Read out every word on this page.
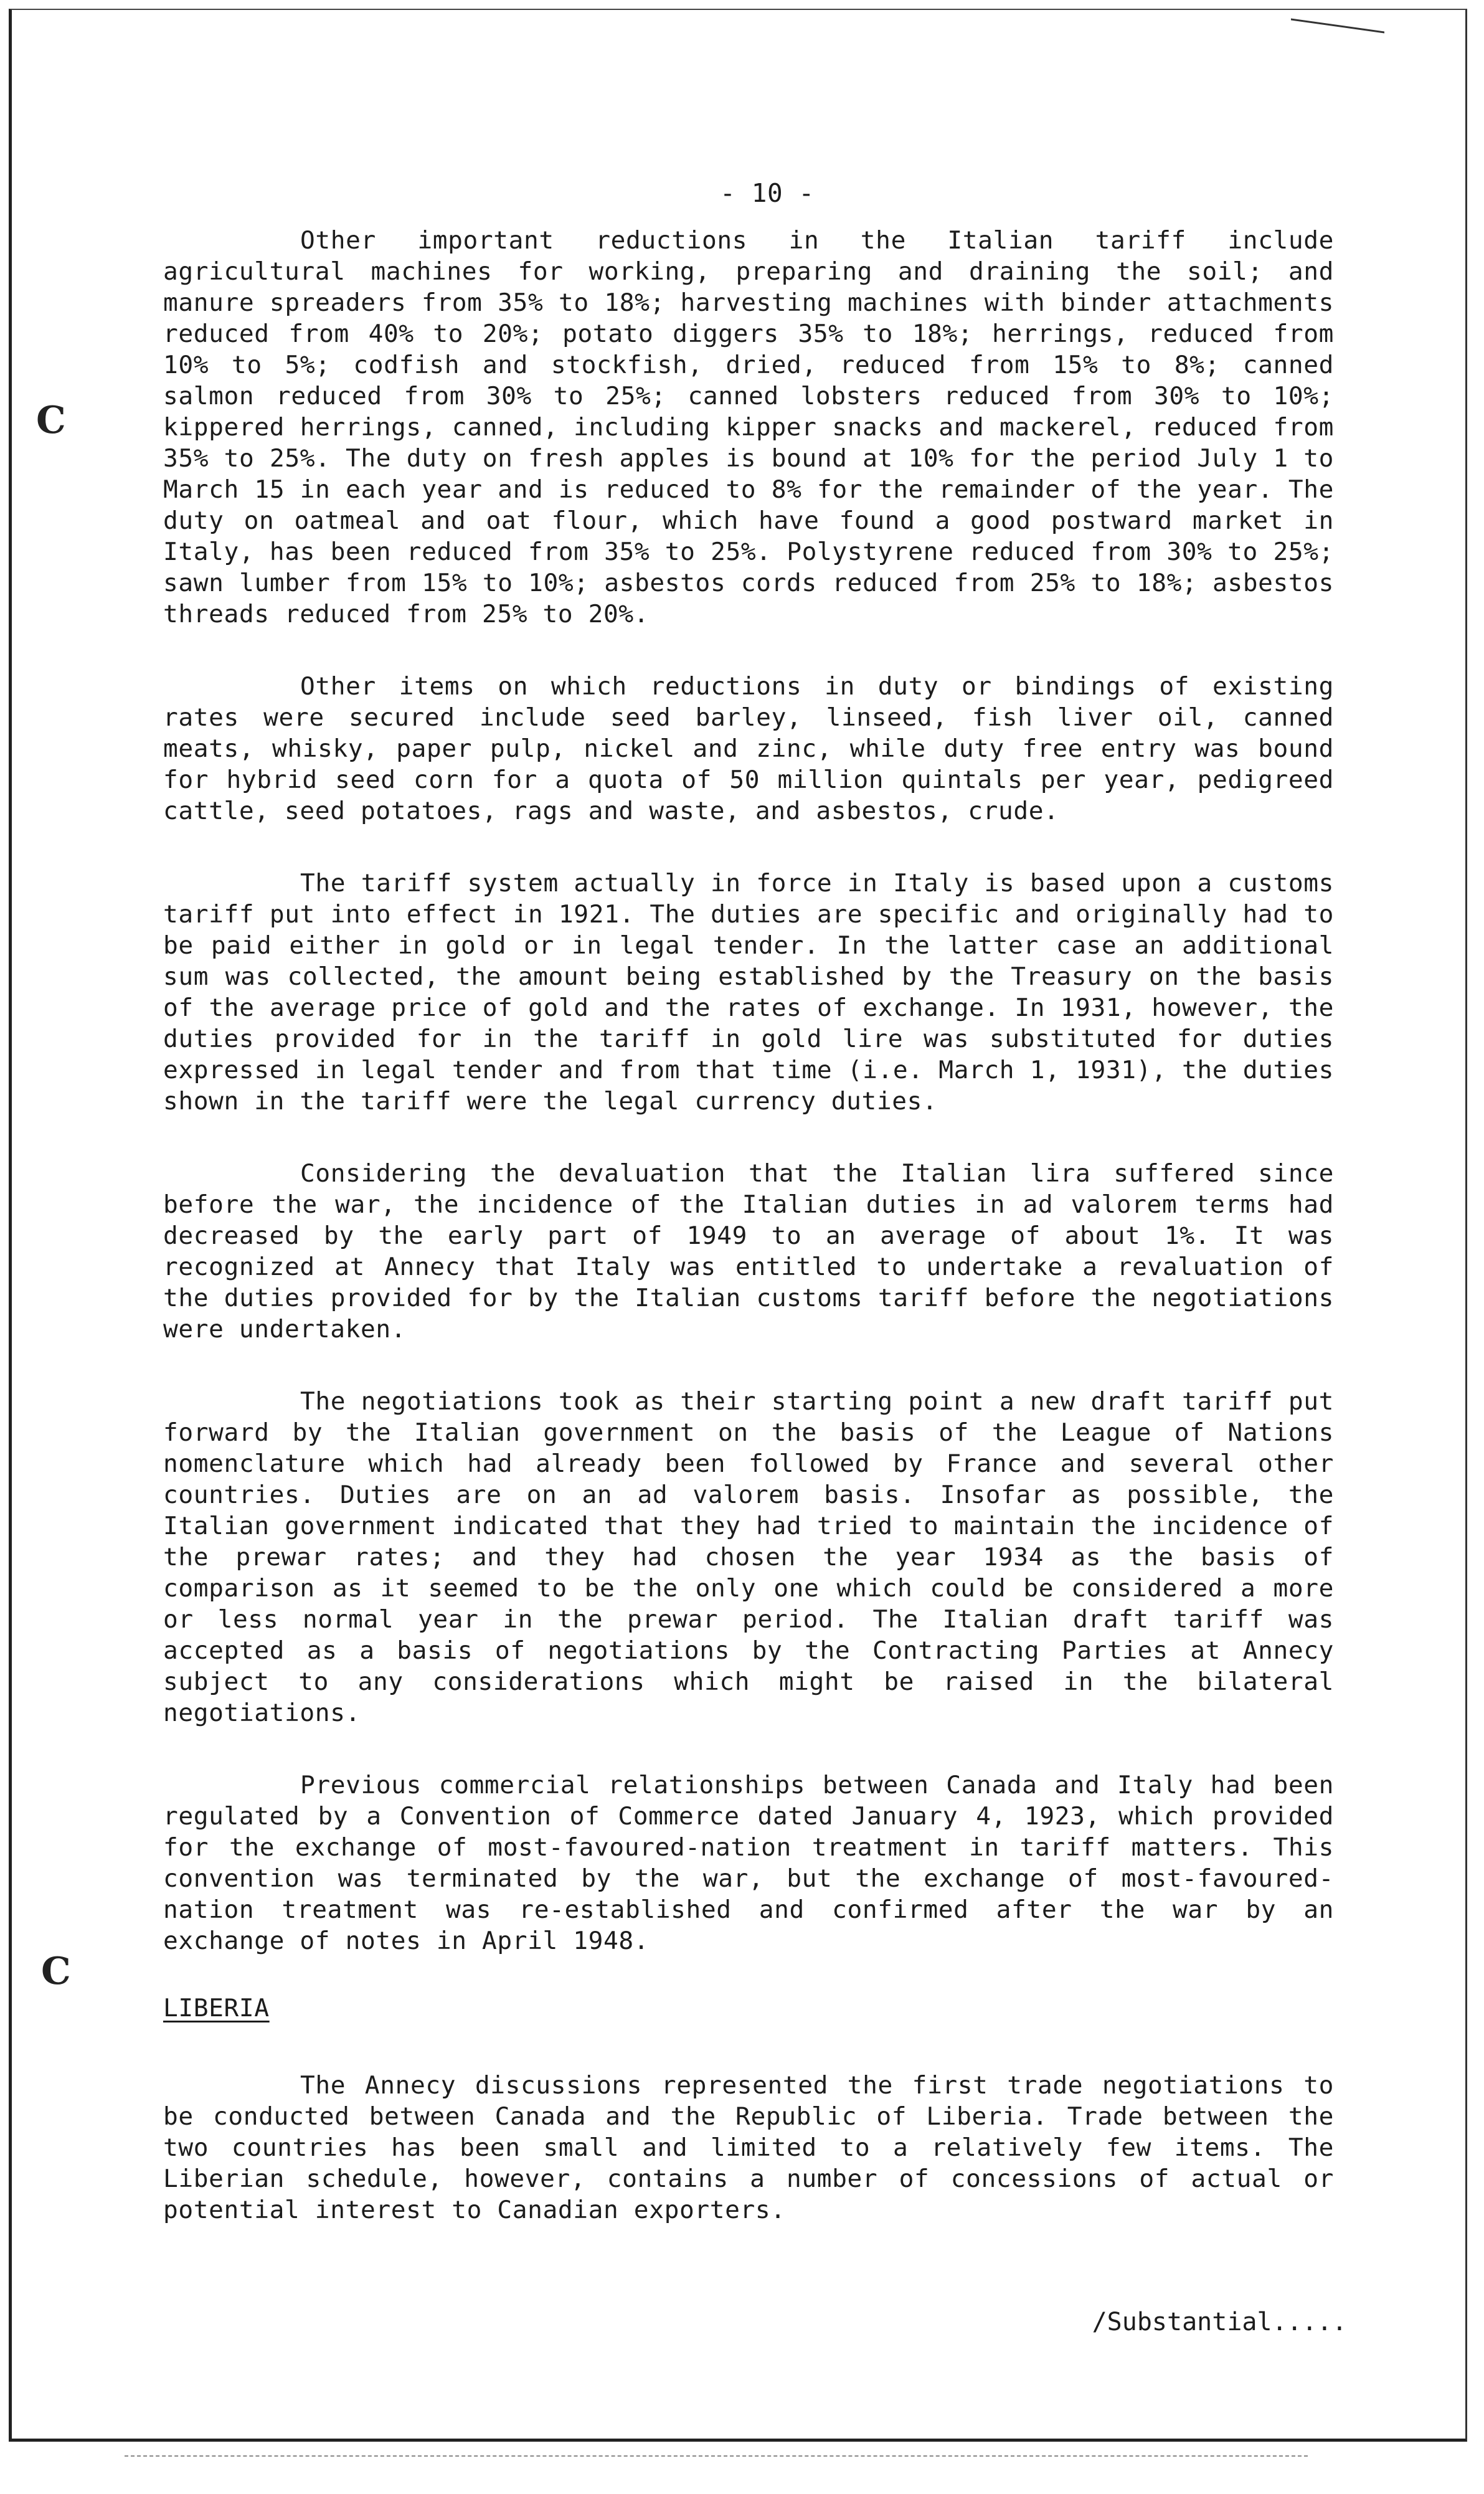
C
C
- 10 -

Other important reductions in the Italian tariff include agricultural machines for working, preparing and draining the soil; and manure spreaders from 35% to 18%; harvesting machines with binder attachments reduced from 40% to 20%; potato diggers 35% to 18%; herrings, reduced from 10% to 5%; codfish and stockfish, dried, reduced from 15% to 8%; canned salmon reduced from 30% to 25%; canned lobsters reduced from 30% to 10%; kippered herrings, canned, including kipper snacks and mackerel, reduced from 35% to 25%. The duty on fresh apples is bound at 10% for the period July 1 to March 15 in each year and is reduced to 8% for the remainder of the year. The duty on oatmeal and oat flour, which have found a good postward market in Italy, has been reduced from 35% to 25%. Polystyrene reduced from 30% to 25%; sawn lumber from 15% to 10%; asbestos cords reduced from 25% to 18%; asbestos threads reduced from 25% to 20%.

Other items on which reductions in duty or bindings of existing rates were secured include seed barley, linseed, fish liver oil, canned meats, whisky, paper pulp, nickel and zinc, while duty free entry was bound for hybrid seed corn for a quota of 50 million quintals per year, pedigreed cattle, seed potatoes, rags and waste, and asbestos, crude.

The tariff system actually in force in Italy is based upon a customs tariff put into effect in 1921. The duties are specific and originally had to be paid either in gold or in legal tender. In the latter case an additional sum was collected, the amount being established by the Treasury on the basis of the average price of gold and the rates of exchange. In 1931, however, the duties provided for in the tariff in gold lire was substituted for duties expressed in legal tender and from that time (i.e. March 1, 1931), the duties shown in the tariff were the legal currency duties.

Considering the devaluation that the Italian lira suffered since before the war, the incidence of the Italian duties in ad valorem terms had decreased by the early part of 1949 to an average of about 1%. It was recognized at Annecy that Italy was entitled to undertake a revaluation of the duties provided for by the Italian customs tariff before the negotiations were undertaken.

The negotiations took as their starting point a new draft tariff put forward by the Italian government on the basis of the League of Nations nomenclature which had already been followed by France and several other countries. Duties are on an ad valorem basis. Insofar as possible, the Italian government indicated that they had tried to maintain the incidence of the prewar rates; and they had chosen the year 1934 as the basis of comparison as it seemed to be the only one which could be considered a more or less normal year in the prewar period. The Italian draft tariff was accepted as a basis of negotiations by the Contracting Parties at Annecy subject to any considerations which might be raised in the bilateral negotiations.

Previous commercial relationships between Canada and Italy had been regulated by a Convention of Commerce dated January 4, 1923, which provided for the exchange of most-favoured-nation treatment in tariff matters. This convention was terminated by the war, but the exchange of most-favoured-nation treatment was re-established and confirmed after the war by an exchange of notes in April 1948.

LIBERIA

The Annecy discussions represented the first trade negotiations to be conducted between Canada and the Republic of Liberia. Trade between the two countries has been small and limited to a relatively few items. The Liberian schedule, however, contains a number of concessions of actual or potential interest to Canadian exporters.

/Substantial.....
